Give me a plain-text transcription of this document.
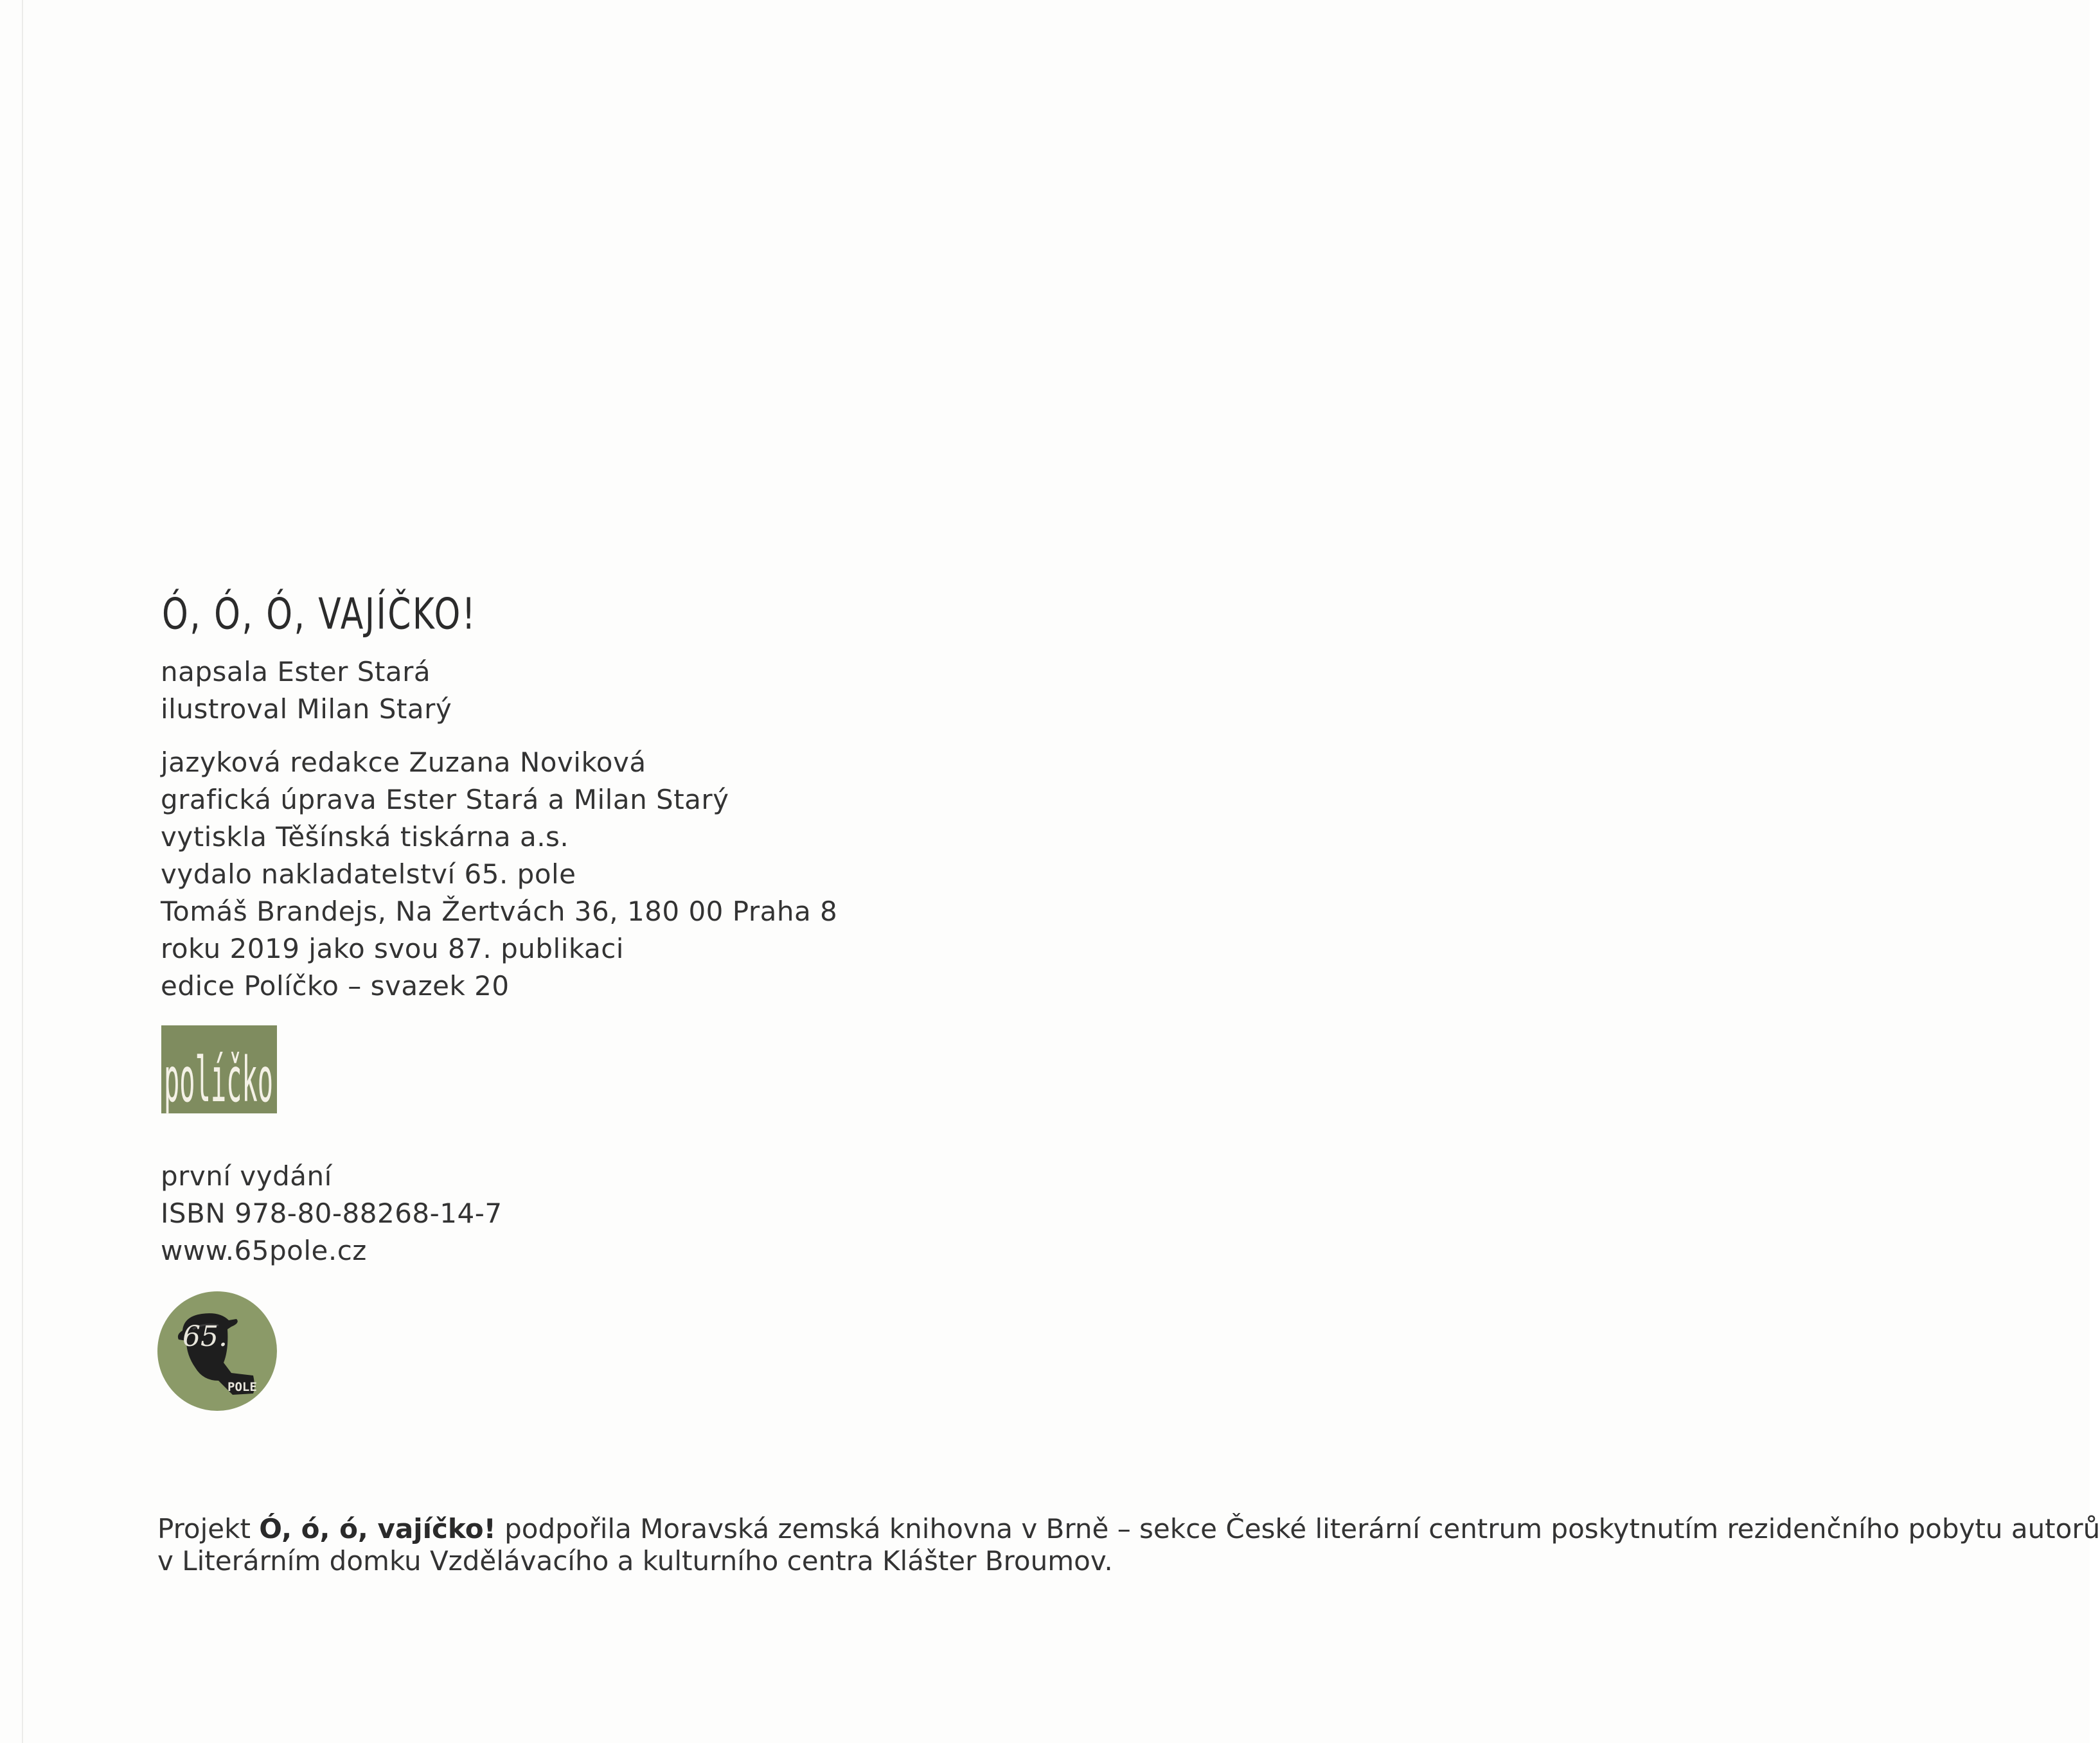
Ó, Ó, Ó, VAJÍČKO!
napsala Ester Stará
ilustroval Milan Starý
jazyková redakce Zuzana Noviková
grafická úprava Ester Stará a Milan Starý
vytiskla Těšínská tiskárna a.s.
vydalo nakladatelství 65. pole
Tomáš Brandejs, Na Žertvách 36, 180 00 Praha 8
roku 2019 jako svou 87. publikaci
edice Políčko – svazek 20
políčko
první vydání
ISBN 978-80-88268-14-7
www.65pole.cz
65.
POLE
Projekt Ó, ó, ó, vajíčko! podpořila Moravská zemská knihovna v Brně – sekce České literární centrum poskytnutím rezidenčního pobytu autorů
v Literárním domku Vzdělávacího a kulturního centra Klášter Broumov.
